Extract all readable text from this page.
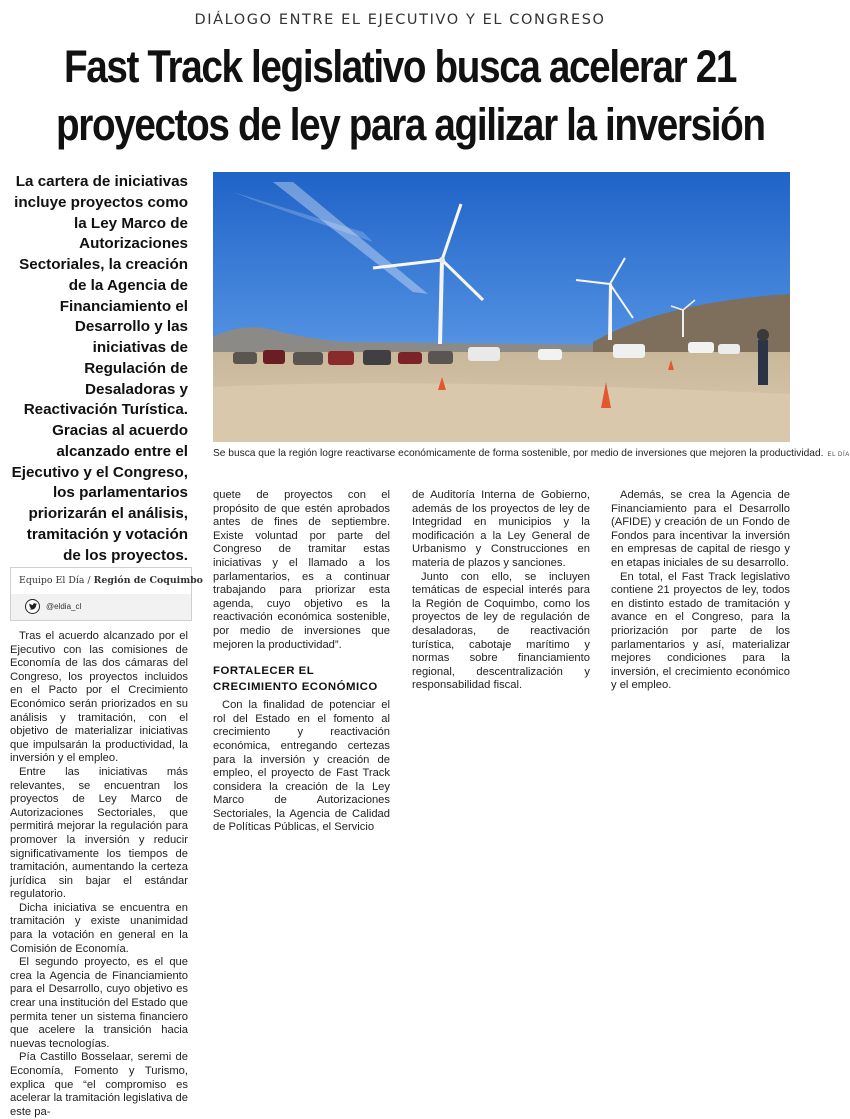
DIÁLOGO ENTRE EL EJECUTIVO Y EL CONGRESO
Fast Track legislativo busca acelerar 21
proyectos de ley para agilizar la inversión
La cartera de iniciativas incluye proyectos como la Ley Marco de Autorizaciones Sectoriales, la creación de la Agencia de Financiamiento el Desarrollo y las iniciativas de Regulación de Desaladoras y Reactivación Turística. Gracias al acuerdo alcanzado entre el Ejecutivo y el Congreso, los parlamentarios priorizarán el análisis, tramitación y votación de los proyectos.
Se busca que la región logre reactivarse económicamente de forma sostenible, por medio de inversiones que mejoren la productividad. EL DÍA
Equipo El Día / Región de Coquimbo
@eldia_cl

Tras el acuerdo alcanzado por el Ejecutivo con las comisiones de Economía de las dos cámaras del Congreso, los proyectos incluidos en el Pacto por el Crecimiento Económico serán priorizados en su análisis y tramitación, con el objetivo de materializar iniciativas que impulsarán la productividad, la inversión y el empleo.

Entre las iniciativas más relevantes, se encuentran los proyectos de Ley Marco de Autorizaciones Sectoriales, que permitirá mejorar la regulación para promover la inversión y reducir significativamente los tiempos de tramitación, aumentando la certeza jurídica sin bajar el estándar regulatorio.

Dicha iniciativa se encuentra en tramitación y existe unanimidad para la votación en general en la Comisión de Economía.

El segundo proyecto, es el que crea la Agencia de Financiamiento para el Desarrollo, cuyo objetivo es crear una institución del Estado que permita tener un sistema financiero que acelere la transición hacia nuevas tecnologías.

Pía Castillo Bosselaar, seremi de Economía, Fomento y Turismo, explica que “el compromiso es acelerar la tramitación legislativa de este pa-

quete de proyectos con el propósito de que estén aprobados antes de fines de septiembre. Existe voluntad por parte del Congreso de tramitar estas iniciativas y el llamado a los parlamentarios, es a continuar trabajando para priorizar esta agenda, cuyo objetivo es la reactivación económica sostenible, por medio de inversiones que mejoren la productividad”.

FORTALECER EL
CRECIMIENTO ECONÓMICO

Con la finalidad de potenciar el rol del Estado en el fomento al crecimiento y reactivación económica, entregando certezas para la inversión y creación de empleo, el proyecto de Fast Track considera la creación de la Ley Marco de Autorizaciones Sectoriales, la Agencia de Calidad de Políticas Públicas, el Servicio

de Auditoría Interna de Gobierno, además de los proyectos de ley de Integridad en municipios y la modificación a la Ley General de Urbanismo y Construcciones en materia de plazos y sanciones.

Junto con ello, se incluyen temáticas de especial interés para la Región de Coquimbo, como los proyectos de ley de regulación de desaladoras, de reactivación turística, cabotaje marítimo y normas sobre financiamiento regional, descentralización y responsabilidad fiscal.

Además, se crea la Agencia de Financiamiento para el Desarrollo (AFIDE) y creación de un Fondo de Fondos para incentivar la inversión en empresas de capital de riesgo y en etapas iniciales de su desarrollo.

En total, el Fast Track legislativo contiene 21 proyectos de ley, todos en distinto estado de tramitación y avance en el Congreso, para la priorización por parte de los parlamentarios y así, materializar mejores condiciones para la inversión, el crecimiento económico y el empleo.
